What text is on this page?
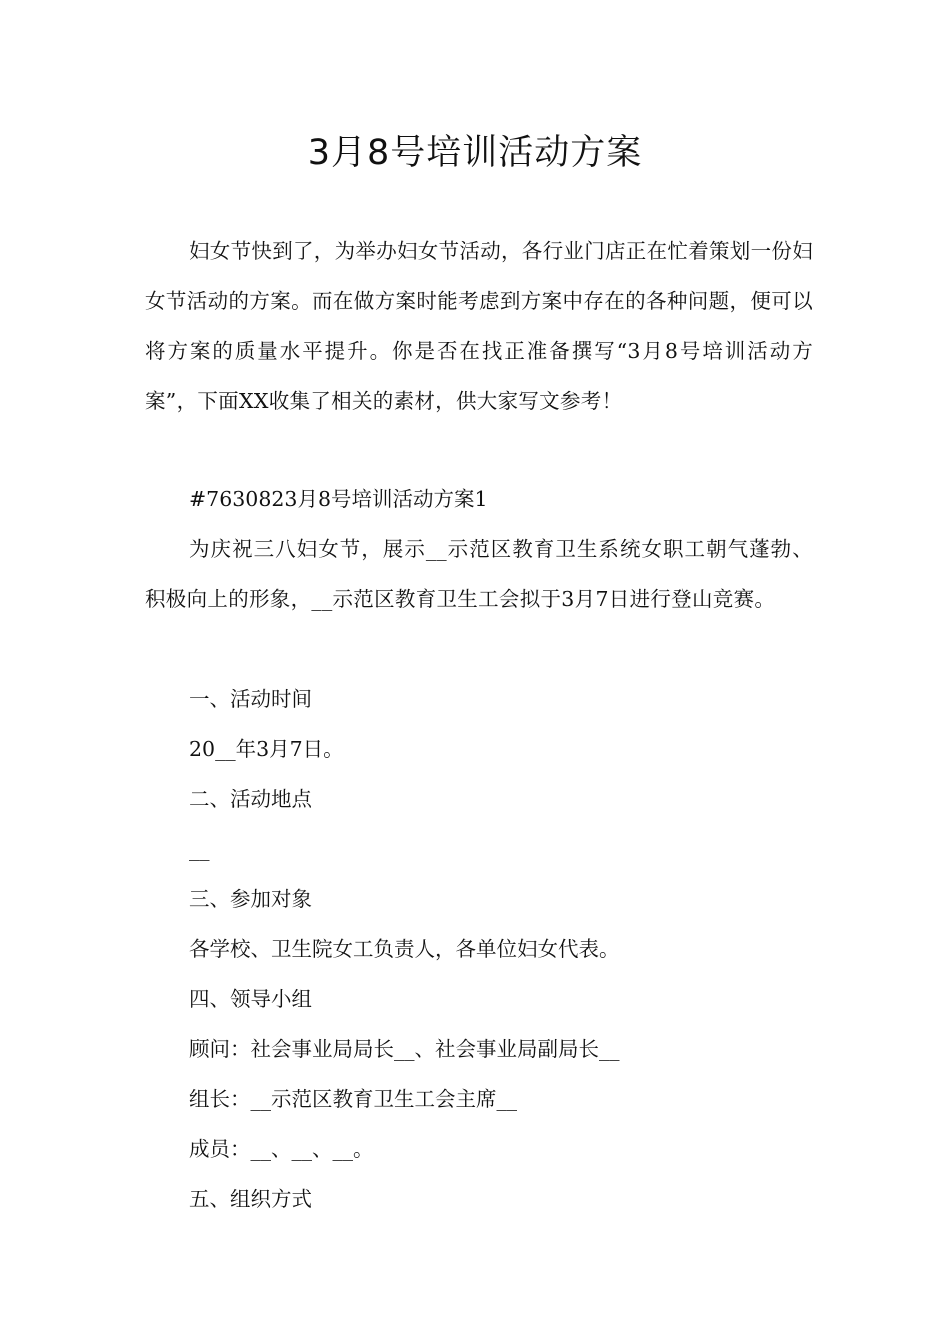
3月8号培训活动方案

妇女节快到了，为举办妇女节活动，各行业门店正在忙着策划一份妇女节活动的方案。而在做方案时能考虑到方案中存在的各种问题，便可以将方案的质量水平提升。你是否在找正准备撰写“3月8号培训活动方案”，下面XX收集了相关的素材，供大家写文参考！

#7630823月8号培训活动方案1

为庆祝三八妇女节，展示__示范区教育卫生系统女职工朝气蓬勃、积极向上的形象，__示范区教育卫生工会拟于3月7日进行登山竞赛。

一、活动时间

20__年3月7日。

二、活动地点

__

三、参加对象

各学校、卫生院女工负责人，各单位妇女代表。

四、领导小组

顾问：社会事业局局长__、社会事业局副局长__

组长：__示范区教育卫生工会主席__

成员：__、__、__。

五、组织方式
